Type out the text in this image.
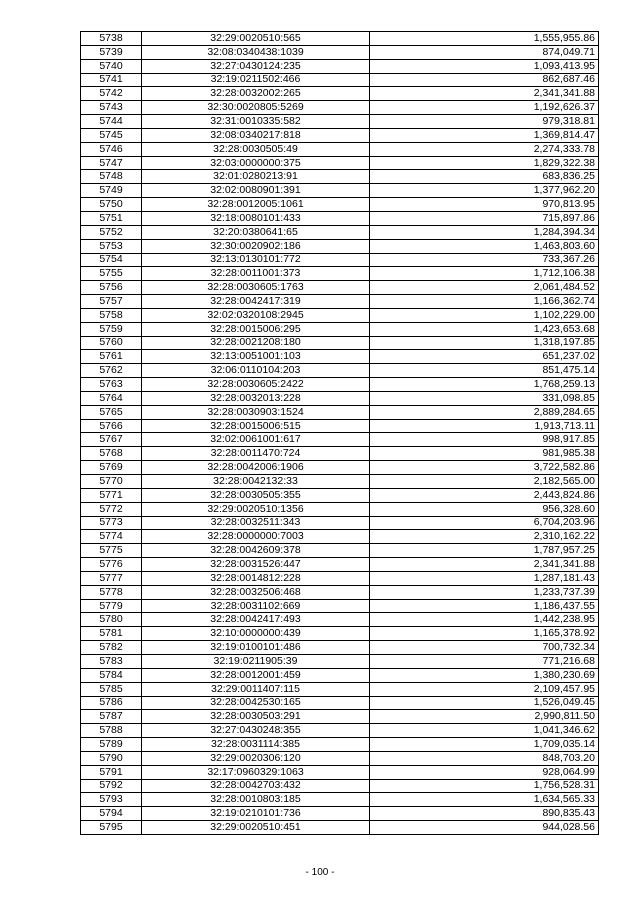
5738	32:29:0020510:565	1,555,955.86
5739	32:08:0340438:1039	874,049.71
5740	32:27:0430124:235	1,093,413.95
5741	32:19:0211502:466	862,687.46
5742	32:28:0032002:265	2,341,341.88
5743	32:30:0020805:5269	1,192,626.37
5744	32:31:0010335:582	979,318.81
5745	32:08:0340217:818	1,369,814.47
5746	32:28:0030505:49	2,274,333.78
5747	32:03:0000000:375	1,829,322.38
5748	32:01:0280213:91	683,836.25
5749	32:02:0080901:391	1,377,962.20
5750	32:28:0012005:1061	970,813.95
5751	32:18:0080101:433	715,897.86
5752	32:20:0380641:65	1,284,394.34
5753	32:30:0020902:186	1,463,803.60
5754	32:13:0130101:772	733,367.26
5755	32:28:0011001:373	1,712,106.38
5756	32:28:0030605:1763	2,061,484.52
5757	32:28:0042417:319	1,166,362.74
5758	32:02:0320108:2945	1,102,229.00
5759	32:28:0015006:295	1,423,653.68
5760	32:28:0021208:180	1,318,197.85
5761	32:13:0051001:103	651,237.02
5762	32:06:0110104:203	851,475.14
5763	32:28:0030605:2422	1,768,259.13
5764	32:28:0032013:228	331,098.85
5765	32:28:0030903:1524	2,889,284.65
5766	32:28:0015006:515	1,913,713.11
5767	32:02:0061001:617	998,917.85
5768	32:28:0011470:724	981,985.38
5769	32:28:0042006:1906	3,722,582.86
5770	32:28:0042132:33	2,182,565.00
5771	32:28:0030505:355	2,443,824.86
5772	32:29:0020510:1356	956,328.60
5773	32:28:0032511:343	6,704,203.96
5774	32:28:0000000:7003	2,310,162.22
5775	32:28:0042609:378	1,787,957.25
5776	32:28:0031526:447	2,341,341.88
5777	32:28:0014812:228	1,287,181.43
5778	32:28:0032506:468	1,233,737.39
5779	32:28:0031102:669	1,186,437.55
5780	32:28:0042417:493	1,442,238.95
5781	32:10:0000000:439	1,165,378.92
5782	32:19:0100101:486	700,732.34
5783	32:19:0211905:39	771,216.68
5784	32:28:0012001:459	1,380,230.69
5785	32:29:0011407:115	2,109,457.95
5786	32:28:0042530:165	1,526,049.45
5787	32:28:0030503:291	2,990,811.50
5788	32:27:0430248:355	1,041,346.62
5789	32:28:0031114:385	1,709,035.14
5790	32:29:0020306:120	848,703.20
5791	32:17:0960329:1063	928,064.99
5792	32:28:0042703:432	1,756,528.31
5793	32:28:0010803:185	1,634,565.33
5794	32:19:0210101:736	890,835.43
5795	32:29:0020510:451	944,028.56
- 100 -
